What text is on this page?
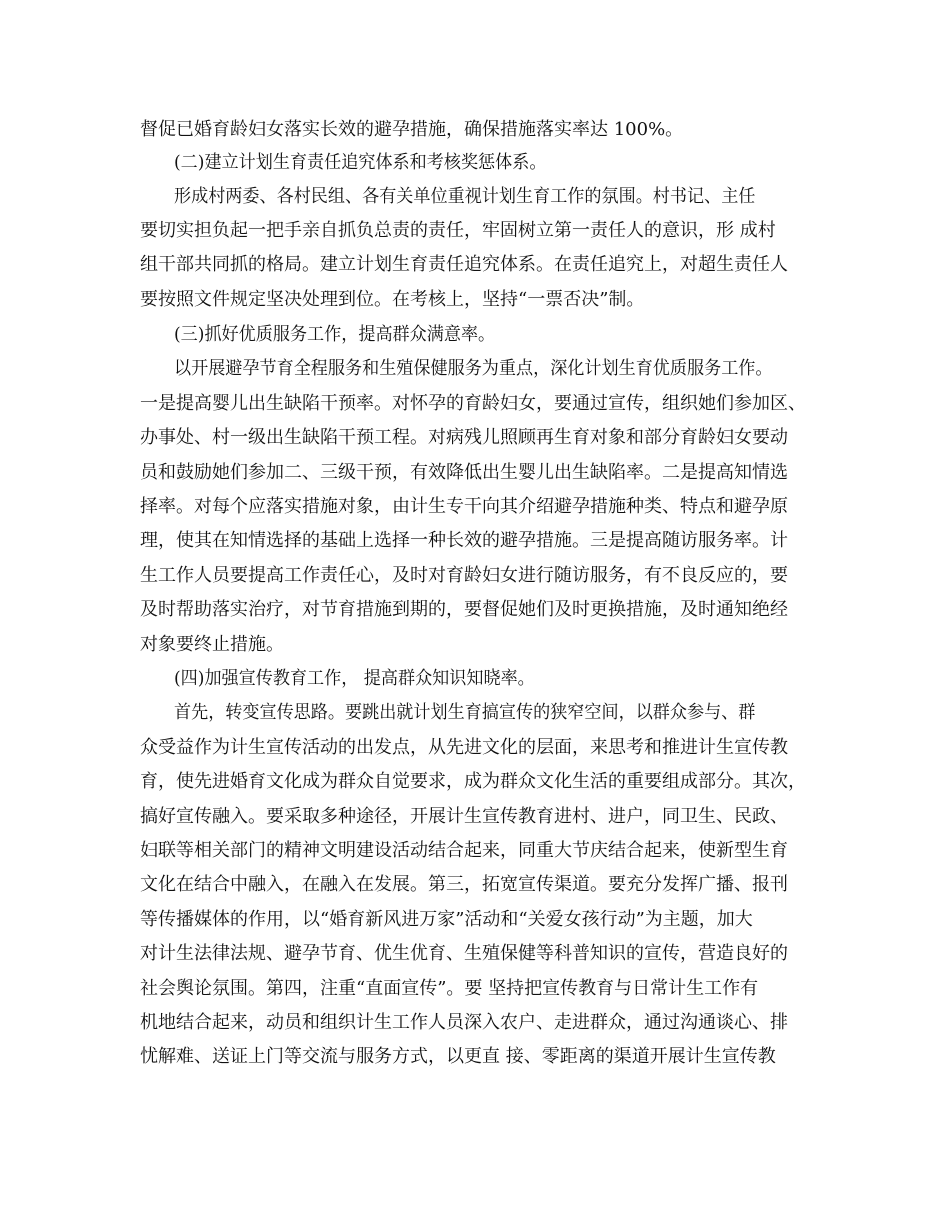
督促已婚育龄妇女落实长效的避孕措施，确保措施落实率达 100%。
(二)建立计划生育责任追究体系和考核奖惩体系。
形成村两委、各村民组、各有关单位重视计划生育工作的氛围。村书记、主任
要切实担负起一把手亲自抓负总责的责任，牢固树立第一责任人的意识，形 成村
组干部共同抓的格局。建立计划生育责任追究体系。在责任追究上，对超生责任人
要按照文件规定坚决处理到位。在考核上，坚持“一票否决”制。
(三)抓好优质服务工作，提高群众满意率。
以开展避孕节育全程服务和生殖保健服务为重点，深化计划生育优质服务工作。
一是提高婴儿出生缺陷干预率。对怀孕的育龄妇女，要通过宣传，组织她们参加区、
办事处、村一级出生缺陷干预工程。对病残儿照顾再生育对象和部分育龄妇女要动
员和鼓励她们参加二、三级干预，有效降低出生婴儿出生缺陷率。二是提高知情选
择率。对每个应落实措施对象，由计生专干向其介绍避孕措施种类、特点和避孕原
理，使其在知情选择的基础上选择一种长效的避孕措施。三是提高随访服务率。计
生工作人员要提高工作责任心，及时对育龄妇女进行随访服务，有不良反应的，要
及时帮助落实治疗，对节育措施到期的，要督促她们及时更换措施，及时通知绝经
对象要终止措施。
(四)加强宣传教育工作， 提高群众知识知晓率。
首先，转变宣传思路。要跳出就计划生育搞宣传的狭窄空间，以群众参与、群
众受益作为计生宣传活动的出发点，从先进文化的层面，来思考和推进计生宣传教
育，使先进婚育文化成为群众自觉要求，成为群众文化生活的重要组成部分。其次，
搞好宣传融入。要采取多种途径，开展计生宣传教育进村、进户，同卫生、民政、
妇联等相关部门的精神文明建设活动结合起来，同重大节庆结合起来，使新型生育
文化在结合中融入，在融入在发展。第三，拓宽宣传渠道。要充分发挥广播、报刊
等传播媒体的作用，以“婚育新风进万家”活动和“关爱女孩行动”为主题，加大
对计生法律法规、避孕节育、优生优育、生殖保健等科普知识的宣传，营造良好的
社会舆论氛围。第四，注重“直面宣传”。要 坚持把宣传教育与日常计生工作有
机地结合起来，动员和组织计生工作人员深入农户、走进群众，通过沟通谈心、排
忧解难、送证上门等交流与服务方式，以更直 接、零距离的渠道开展计生宣传教
